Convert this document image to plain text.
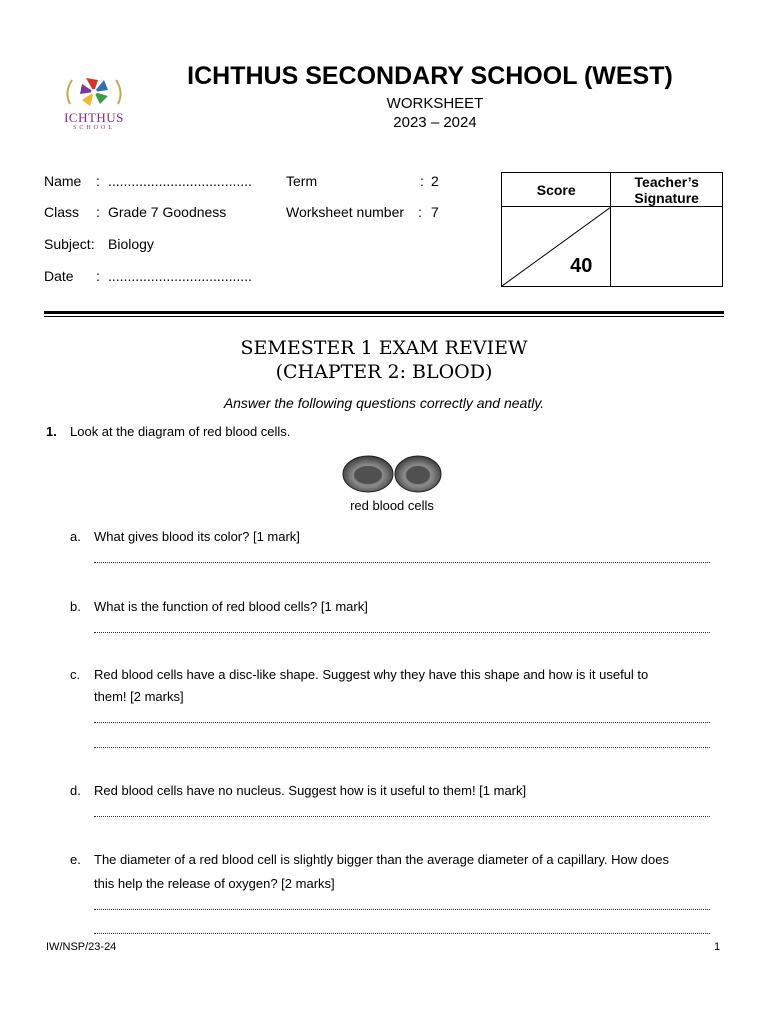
ICHTHUS
SCHOOL
ICHTHUS SECONDARY SCHOOL (WEST)
WORKSHEET
2023 – 2024
Name : .....................................
Class : Grade 7 Goodness
Subject: Biology
Date : .....................................
Term	: 2
Worksheet number : 7
Score	Teacher’s
Signature

40	

SEMESTER 1 EXAM REVIEW
(CHAPTER 2: BLOOD)
Answer the following questions correctly and neatly.
1. Look at the diagram of red blood cells.
red blood cells
a. What gives blood its color? [1 mark]
b. What is the function of red blood cells? [1 mark]
c. Red blood cells have a disc-like shape. Suggest why they have this shape and how is it useful to
them! [2 marks]
d. Red blood cells have no nucleus. Suggest how is it useful to them! [1 mark]
e. The diameter of a red blood cell is slightly bigger than the average diameter of a capillary. How does
this help the release of oxygen? [2 marks]
IW/NSP/23-24	1
